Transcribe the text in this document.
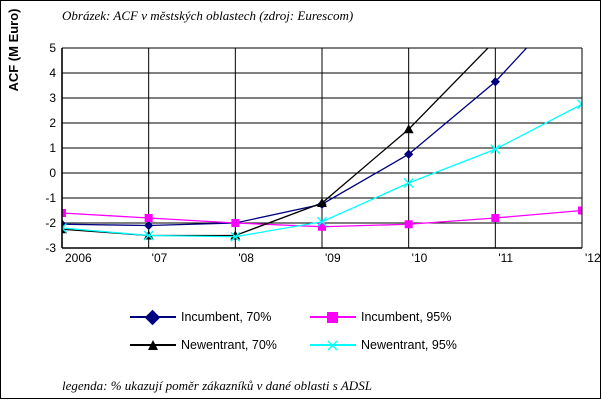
Obrázek: ACF v městských oblastech (zdroj: Eurescom)
ACF (M Euro)
-3
-2
-1
0
1
2
3
4
5
2006	'07	'08	'09	'10	'11	'12
Incumbent, 70%	Incumbent, 95%
Newentrant, 70%	Newentrant, 95%
legenda: % ukazují poměr zákazníků v dané oblasti s ADSL
